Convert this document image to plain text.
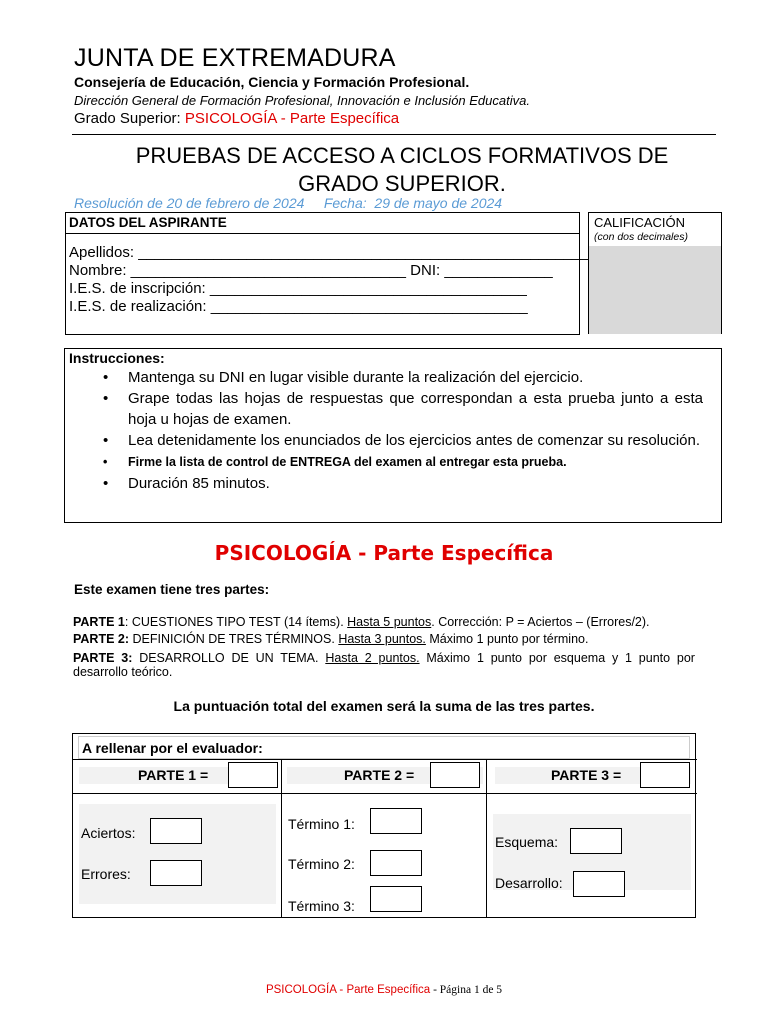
JUNTA DE EXTREMADURA
Consejería de Educación, Ciencia y Formación Profesional.
Dirección General de Formación Profesional, Innovación e Inclusión Educativa.
Grado Superior: PSICOLOGÍA - Parte Específica
PRUEBAS DE ACCESO A CICLOS FORMATIVOS DE
GRADO SUPERIOR.
Resolución de 20 de febrero de 2024     Fecha:  29 de mayo de 2024
DATOS DEL ASPIRANTE
Apellidos: ______________________________________________________
Nombre: _________________________________ DNI: _____________
I.E.S. de inscripción: ______________________________________
I.E.S. de realización: ______________________________________
CALIFICACIÓN
(con dos decimales)
Instrucciones:
• Mantenga su DNI en lugar visible durante la realización del ejercicio.
• Grape todas las hojas de respuestas que correspondan a esta prueba junto a esta hoja u hojas de examen.
• Lea detenidamente los enunciados de los ejercicios antes de comenzar su resolución.
• Firme la lista de control de ENTREGA del examen al entregar esta prueba.
• Duración 85 minutos.
PSICOLOGÍA - Parte Específica
Este examen tiene tres partes:
PARTE 1: CUESTIONES TIPO TEST (14 ítems). Hasta 5 puntos. Corrección: P = Aciertos – (Errores/2).
PARTE 2: DEFINICIÓN DE TRES TÉRMINOS. Hasta 3 puntos. Máximo 1 punto por término.
PARTE 3: DESARROLLO DE UN TEMA. Hasta 2 puntos. Máximo 1 punto por esquema y 1 punto por desarrollo teórico.
La puntuación total del examen será la suma de las tres partes.
A rellenar por el evaluador:
PARTE 1 =	PARTE 2 =	PARTE 3 =
Aciertos:
Errores:
Término 1:
Término 2:
Término 3:
Esquema:
Desarrollo:
PSICOLOGÍA - Parte Específica - Página 1 de 5
